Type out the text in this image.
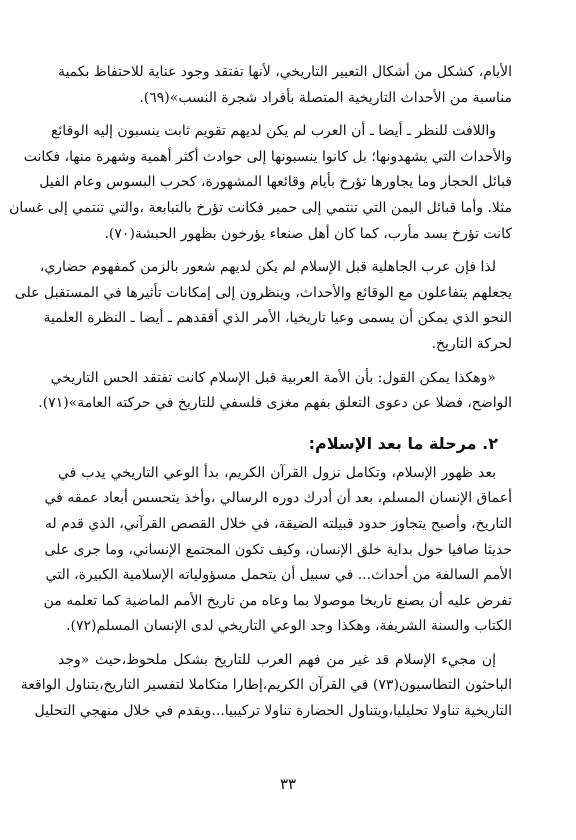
الأيام، كشكل من أشكال التعبير التاريخي، لأنها تفتقد وجود عناية للاحتفاظ بكمية
مناسبة من الأحداث التاريخية المتصلة بأفراد شجرة النسب»(٦٩).
واللافت للنظر ـ أيضا ـ أن العرب لم يكن لديهم تقويم ثابت ينسبون إليه الوقائع
والأحداث التي يشهدونها؛ بل كانوا ينسبونها إلى حوادث أكثر أهمية وشهرة منها، فكانت
قبائل الحجاز وما يجاورها تؤرخ بأيام وقائعها المشهورة، كحرب البسوس وعام الفيل
مثلا. وأما قبائل اليمن التي تنتمي إلى حمير فكانت تؤرخ بالتبابعة ،والتي تنتمي إلى غسان
كانت تؤرخ بسد مأرب، كما كان أهل صنعاء يؤرخون بظهور الحبشة(٧٠).
لذا فإن عرب الجاهلية قبل الإسلام لم يكن لديهم شعور بالزمن كمفهوم حضاري،
يجعلهم يتفاعلون مع الوقائع والأحداث، وينظرون إلى إمكانات تأثيرها في المستقبل على
النحو الذي يمكن أن يسمى وعيا تاريخيا، الأمر الذي أفقدهم ـ أيضا ـ النظرة العلمية
لحركة التاريخ.
«وهكذا يمكن القول: بأن الأمة العربية قبل الإسلام كانت تفتقد الحس التاريخي
الواضح، فضلا عن دعوى التعلق بفهم مغزى فلسفي للتاريخ في حركته العامة»(٧١).
٢. مرحلة ما بعد الإسلام:
بعد ظهور الإسلام، وتكامل نزول القرآن الكريم، بدأ الوعي التاريخي يدب في
أعماق الإنسان المسلم، بعد أن أدرك دوره الرسالي ،وأخذ يتحسس أبعاد عمقه في
التاريخ، وأصبح يتجاوز حدود قبيلته الضيقة، في خلال القصص القرآني، الذي قدم له
حديثا صافيا حول بداية خلق الإنسان، وكيف تكون المجتمع الإنساني، وما جرى على
الأمم السالفة من أحداث... في سبيل أن يتحمل مسؤولياته الإسلامية الكبيرة، التي
تفرض عليه أن يصنع تاريخا موصولا بما وعاه من تاريخ الأمم الماضية كما تعلمه من
الكتاب والسنة الشريفة، وهكذا وجد الوعي التاريخي لدى الإنسان المسلم(٧٢).
إن مجيء الإسلام قد غير من فهم العرب للتاريخ بشكل ملحوظ،حيث «وجد
الباحثون التطاسيون(٧٣) في القرآن الكريم،إطارا متكاملا لتفسير التاريخ،يتناول الواقعة
التاريخية تناولا تحليليا،ويتناول الحضارة تناولا تركيبيا...ويقدم في خلال منهجي التحليل
٣٣
